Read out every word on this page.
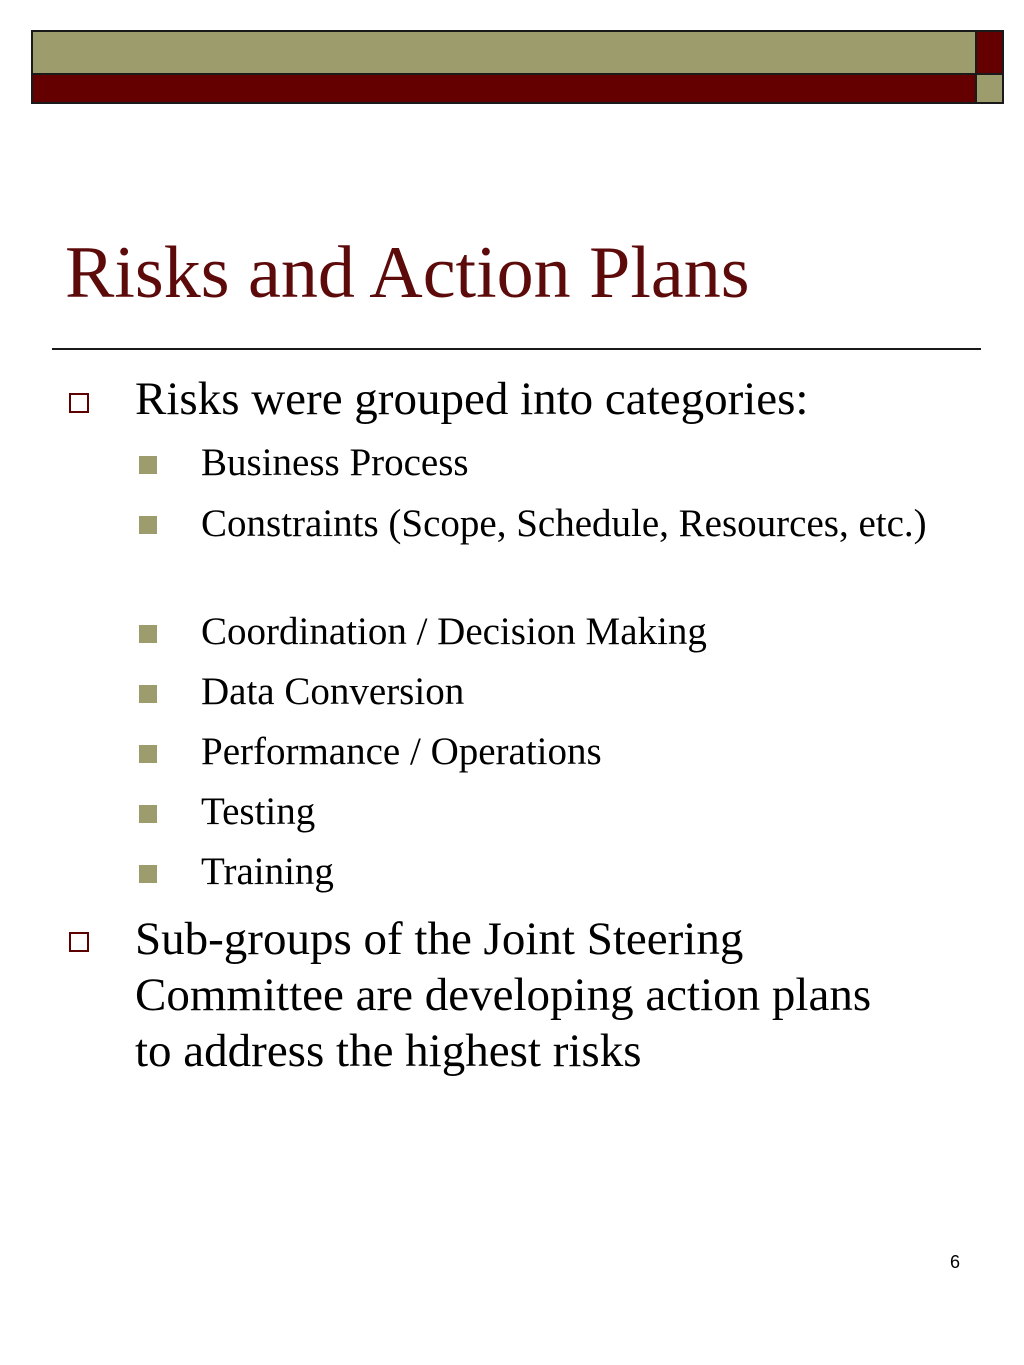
Risks and Action Plans
Risks were grouped into categories:
Business Process
Constraints (Scope, Schedule, Resources, etc.)
Coordination / Decision Making
Data Conversion
Performance / Operations
Testing
Training
Sub-groups of the Joint Steering Committee are developing action plans to address the highest risks
6
